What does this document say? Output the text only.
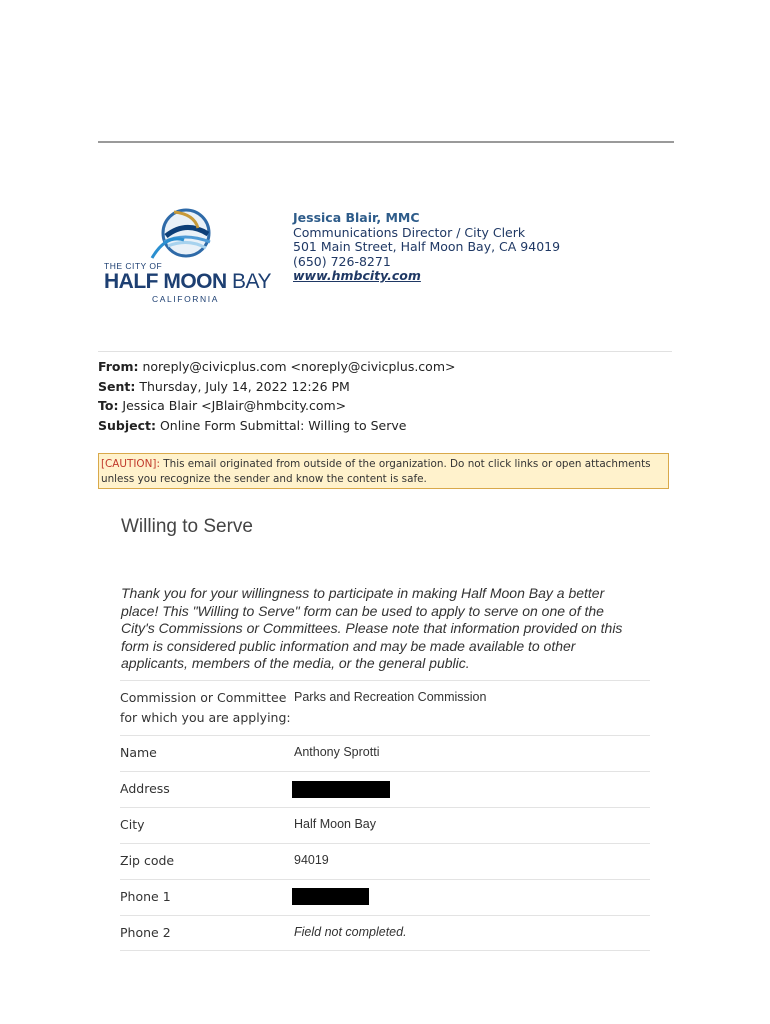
THE CITY OF
HALF MOON BAY
CALIFORNIA
Jessica Blair, MMC
Communications Director / City Clerk
501 Main Street, Half Moon Bay, CA 94019
(650) 726-8271
www.hmbcity.com
From: noreply@civicplus.com <noreply@civicplus.com>
Sent: Thursday, July 14, 2022 12:26 PM
To: Jessica Blair <JBlair@hmbcity.com>
Subject: Online Form Submittal: Willing to Serve
[CAUTION]: This email originated from outside of the organization. Do not click links or open attachments unless you recognize the sender and know the content is safe.
Willing to Serve
Thank you for your willingness to participate in making Half Moon Bay a better place! This "Willing to Serve" form can be used to apply to serve on one of the City's Commissions or Committees. Please note that information provided on this form is considered public information and may be made available to other applicants, members of the media, or the general public.
Commission or Committee
for which you are applying:
Parks and Recreation Commission
Name	Anthony Sprotti
Address
City	Half Moon Bay
Zip code	94019
Phone 1
Phone 2	Field not completed.
